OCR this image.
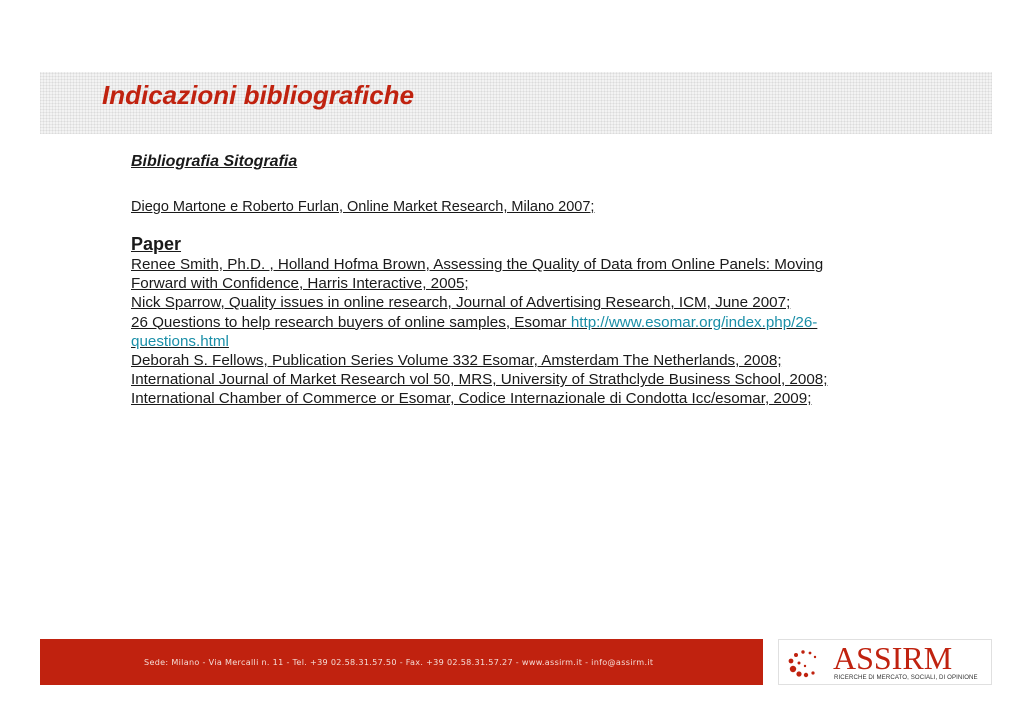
Indicazioni bibliografiche
Bibliografia Sitografia
Diego Martone e Roberto Furlan, Online Market Research, Milano 2007;
Paper
Renee Smith, Ph.D. , Holland Hofma Brown, Assessing the Quality of Data from Online Panels: Moving
Forward with Confidence, Harris Interactive, 2005;
Nick Sparrow, Quality issues in online research, Journal of Advertising Research, ICM, June 2007;
26 Questions to help research buyers of online samples, Esomar http://www.esomar.org/index.php/26-
questions.html
Deborah S. Fellows, Publication Series Volume 332 Esomar, Amsterdam The Netherlands, 2008;
International Journal of Market Research vol 50, MRS, University of Strathclyde Business School, 2008;
International Chamber of Commerce or Esomar, Codice Internazionale di Condotta Icc/esomar, 2009;
Sede: Milano - Via Mercalli n. 11 - Tel. +39 02.58.31.57.50 - Fax. +39 02.58.31.57.27 - www.assirm.it - info@assirm.it	ASSIRM
RICERCHE DI MERCATO, SOCIALI, DI OPINIONE
